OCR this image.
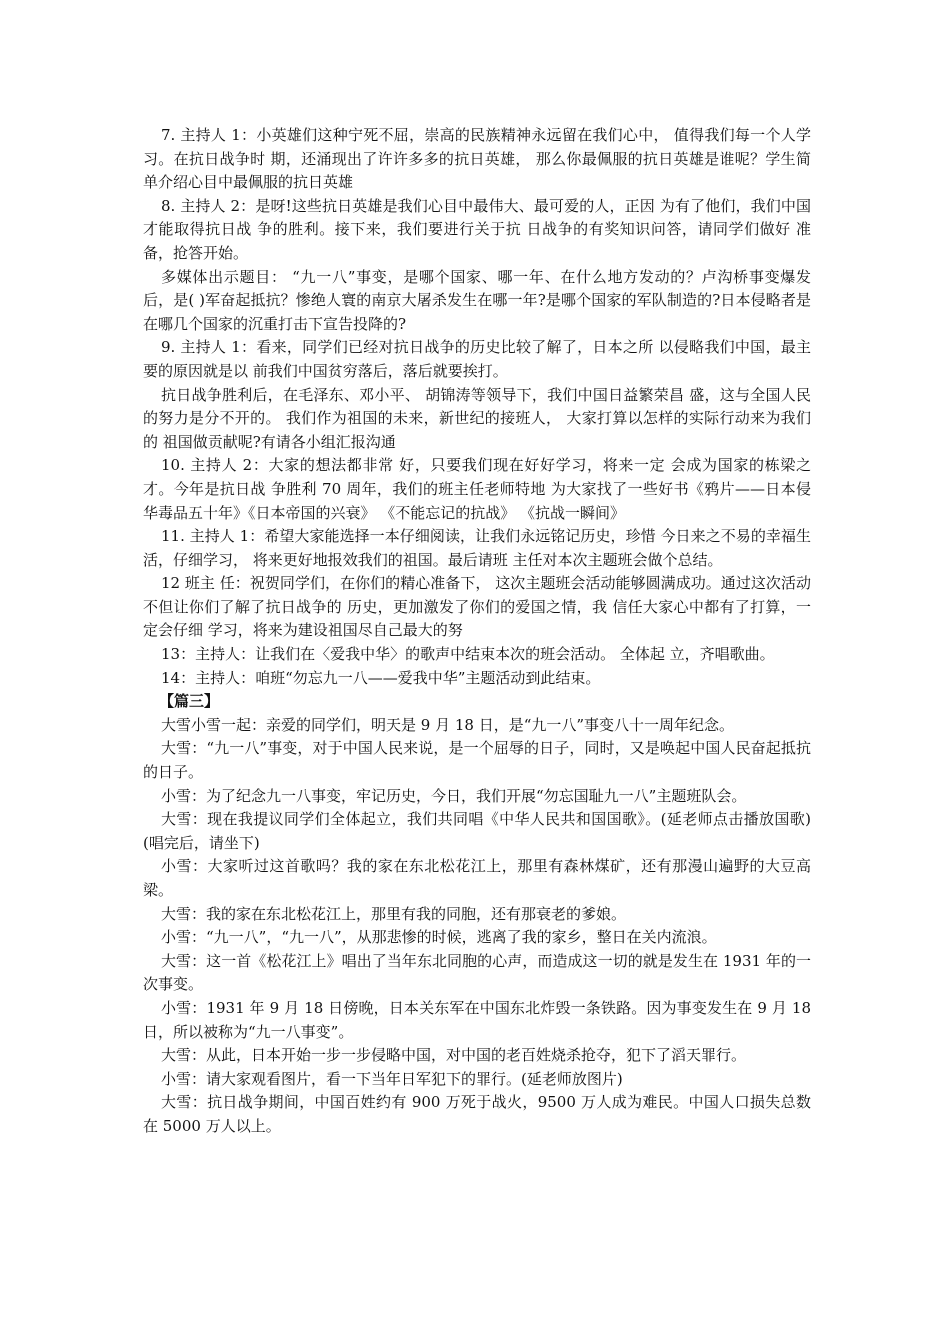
7. 主持人 1：小英雄们这种宁死不屈，崇高的民族精神永远留在我们心中， 值得我们每一个人学习。在抗日战争时 期，还涌现出了许许多多的抗日英雄， 那么你最佩服的抗日英雄是谁呢？学生简单介绍心目中最佩服的抗日英雄

8. 主持人 2：是呀!这些抗日英雄是我们心目中最伟大、最可爱的人，正因 为有了他们，我们中国才能取得抗日战 争的胜利。接下来，我们要进行关于抗 日战争的有奖知识问答，请同学们做好 准备，抢答开始。

多媒体出示题目： “九一八”事变，是哪个国家、哪一年、在什么地方发动的？卢沟桥事变爆发后，是( )军奋起抵抗？惨绝人寰的南京大屠杀发生在哪一年?是哪个国家的军队制造的?日本侵略者是在哪几个国家的沉重打击下宣告投降的?

9. 主持人 1：看来，同学们已经对抗日战争的历史比较了解了，日本之所 以侵略我们中国，最主要的原因就是以 前我们中国贫穷落后，落后就要挨打。

抗日战争胜利后，在毛泽东、邓小平、 胡锦涛等领导下，我们中国日益繁荣昌 盛，这与全国人民的努力是分不开的。 我们作为祖国的未来，新世纪的接班人， 大家打算以怎样的实际行动来为我们的 祖国做贡献呢?有请各小组汇报沟通

10. 主持人 2：大家的想法都非常 好，只要我们现在好好学习，将来一定 会成为国家的栋梁之才。今年是抗日战 争胜利 70 周年，我们的班主任老师特地 为大家找了一些好书《鸦片——日本侵华毒品五十年》《日本帝国的兴衰》 《不能忘记的抗战》 《抗战一瞬间》

11. 主持人 1：希望大家能选择一本仔细阅读，让我们永远铭记历史，珍惜 今日来之不易的幸福生活，仔细学习， 将来更好地报效我们的祖国。最后请班 主任对本次主题班会做个总结。

12 班主 任：祝贺同学们，在你们的精心准备下， 这次主题班会活动能够圆满成功。通过这次活动不但让你们了解了抗日战争的 历史，更加激发了你们的爱国之情，我 信任大家心中都有了打算，一定会仔细 学习，将来为建设祖国尽自己最大的努

13：主持人：让我们在〈爱我中华〉的歌声中结束本次的班会活动。 全体起 立，齐唱歌曲。

14：主持人：咱班“勿忘九一八——爱我中华”主题活动到此结束。

【篇三】

大雪小雪一起：亲爱的同学们，明天是 9 月 18 日，是“九一八”事变八十一周年纪念。

大雪：“九一八”事变，对于中国人民来说，是一个屈辱的日子，同时，又是唤起中国人民奋起抵抗的日子。

小雪：为了纪念九一八事变，牢记历史，今日，我们开展“勿忘国耻九一八”主题班队会。

大雪：现在我提议同学们全体起立，我们共同唱《中华人民共和国国歌》。(延老师点击播放国歌)(唱完后，请坐下)

小雪：大家听过这首歌吗？我的家在东北松花江上，那里有森林煤矿，还有那漫山遍野的大豆高梁。

大雪：我的家在东北松花江上，那里有我的同胞，还有那衰老的爹娘。

小雪：“九一八”，“九一八”，从那悲惨的时候，逃离了我的家乡，整日在关内流浪。

大雪：这一首《松花江上》唱出了当年东北同胞的心声，而造成这一切的就是发生在 1931 年的一次事变。

小雪：1931 年 9 月 18 日傍晚，日本关东军在中国东北炸毁一条铁路。因为事变发生在 9 月 18 日，所以被称为“九一八事变”。

大雪：从此，日本开始一步一步侵略中国，对中国的老百姓烧杀抢夺，犯下了滔天罪行。

小雪：请大家观看图片，看一下当年日军犯下的罪行。(延老师放图片)

大雪：抗日战争期间，中国百姓约有 900 万死于战火，9500 万人成为难民。中国人口损失总数在 5000 万人以上。
